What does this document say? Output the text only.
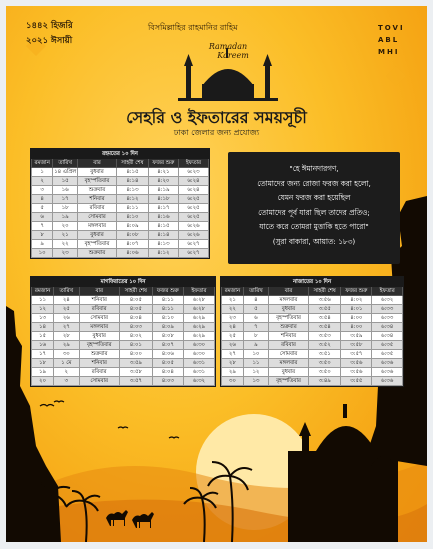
১৪৪২ হিজরি
২০২১ ঈসায়ী
বিসমিল্লাহির রাহমানির রাহিম	TOVI
ABL
MHI
Ramadan
Kareem
সেহরি ও ইফতারের সময়সূচী
ঢাকা জেলার জন্য প্রযোজ্য
রহমতের ১০ দিন					
রমজান	তারিখ	বার	সাহরী শেষ	ফজর শুরু	ইফতার
১	১৪ এপ্রিল	বুধবার	৪:১৫	৪:২১	৬:২৩
২	১৫	বৃহস্পতিবার	৪:১৪	৪:২০	৬:২৪
৩	১৬	শুক্রবার	৪:১৩	৪:১৯	৬:২৪
৪	১৭	শনিবার	৪:১২	৪:১৮	৬:২৫
৫	১৮	রবিবার	৪:১১	৪:১৭	৬:২৫
৬	১৯	সোমবার	৪:১০	৪:১৬	৬:২৫
৭	২০	মঙ্গলবার	৪:০৯	৪:১৫	৬:২৬
৮	২১	বুধবার	৪:০৮	৪:১৪	৬:২৬
৯	২২	বৃহস্পতিবার	৪:০৭	৪:১৩	৬:২৭
১০	২৩	শুক্রবার	৪:০৬	৪:১২	৬:২৭
"হে ঈমানদারগণ,
তোমাদের জন্য রোজা ফরজ করা হলো,
যেমন ফরজ করা হয়েছিল
তোমাদের পূর্ব যারা ছিল তাদের প্রতিও;
যাতে করে তোমরা মুত্তাকি হতে পারো"
(সুরা বাকারা, আয়াত: ১৮৩)
মাগফিরাতের ১০ দিন					
রমজান	তারিখ	বার	সাহরী শেষ	ফজর শুরু	ইফতার
১১	২৪	শনিবার	৪:০৫	৪:১১	৬:২৮
১২	২৫	রবিবার	৪:০৫	৪:১১	৬:২৮
১৩	২৬	সোমবার	৪:০৪	৪:১০	৬:২৯
১৪	২৭	মঙ্গলবার	৪:০৩	৪:০৯	৬:২৯
১৫	২৮	বুধবার	৪:০২	৪:০৮	৬:২৯
১৬	২৯	বৃহস্পতিবার	৪:০১	৪:০৭	৬:৩০
১৭	৩০	শুক্রবার	৪:০০	৪:০৬	৬:৩০
১৮	১ মে	শনিবার	৩:৫৯	৪:০৫	৬:৩১
১৯	২	রবিবার	৩:৫৮	৪:০৪	৬:৩১
২০	৩	সোমবার	৩:৫৭	৪:০৩	৬:৩২
নাজাতের ১০ দিন					
রমজান	তারিখ	বার	সাহরী শেষ	ফজর শুরু	ইফতার
২১	৪	মঙ্গলবার	৩:৫৬	৪:০২	৬:৩২
২২	৫	বুধবার	৩:৫৫	৪:০১	৬:৩৩
২৩	৬	বৃহস্পতিবার	৩:৫৪	৪:০০	৬:৩৩
২৪	৭	শুক্রবার	৩:৫৪	৪:০০	৬:৩৪
২৫	৮	শনিবার	৩:৫৩	৩:৫৯	৬:৩৪
২৬	৯	রবিবার	৩:৫২	৩:৫৮	৬:৩৫
২৭	১০	সোমবার	৩:৫১	৩:৫৭	৬:৩৫
২৮	১১	মঙ্গলবার	৩:৫০	৩:৫৬	৬:৩৬
২৯	১২	বুধবার	৩:৫০	৩:৫৬	৬:৩৬
৩০	১৩	বৃহস্পতিবার	৩:৪৯	৩:৫৫	৬:৩৬
